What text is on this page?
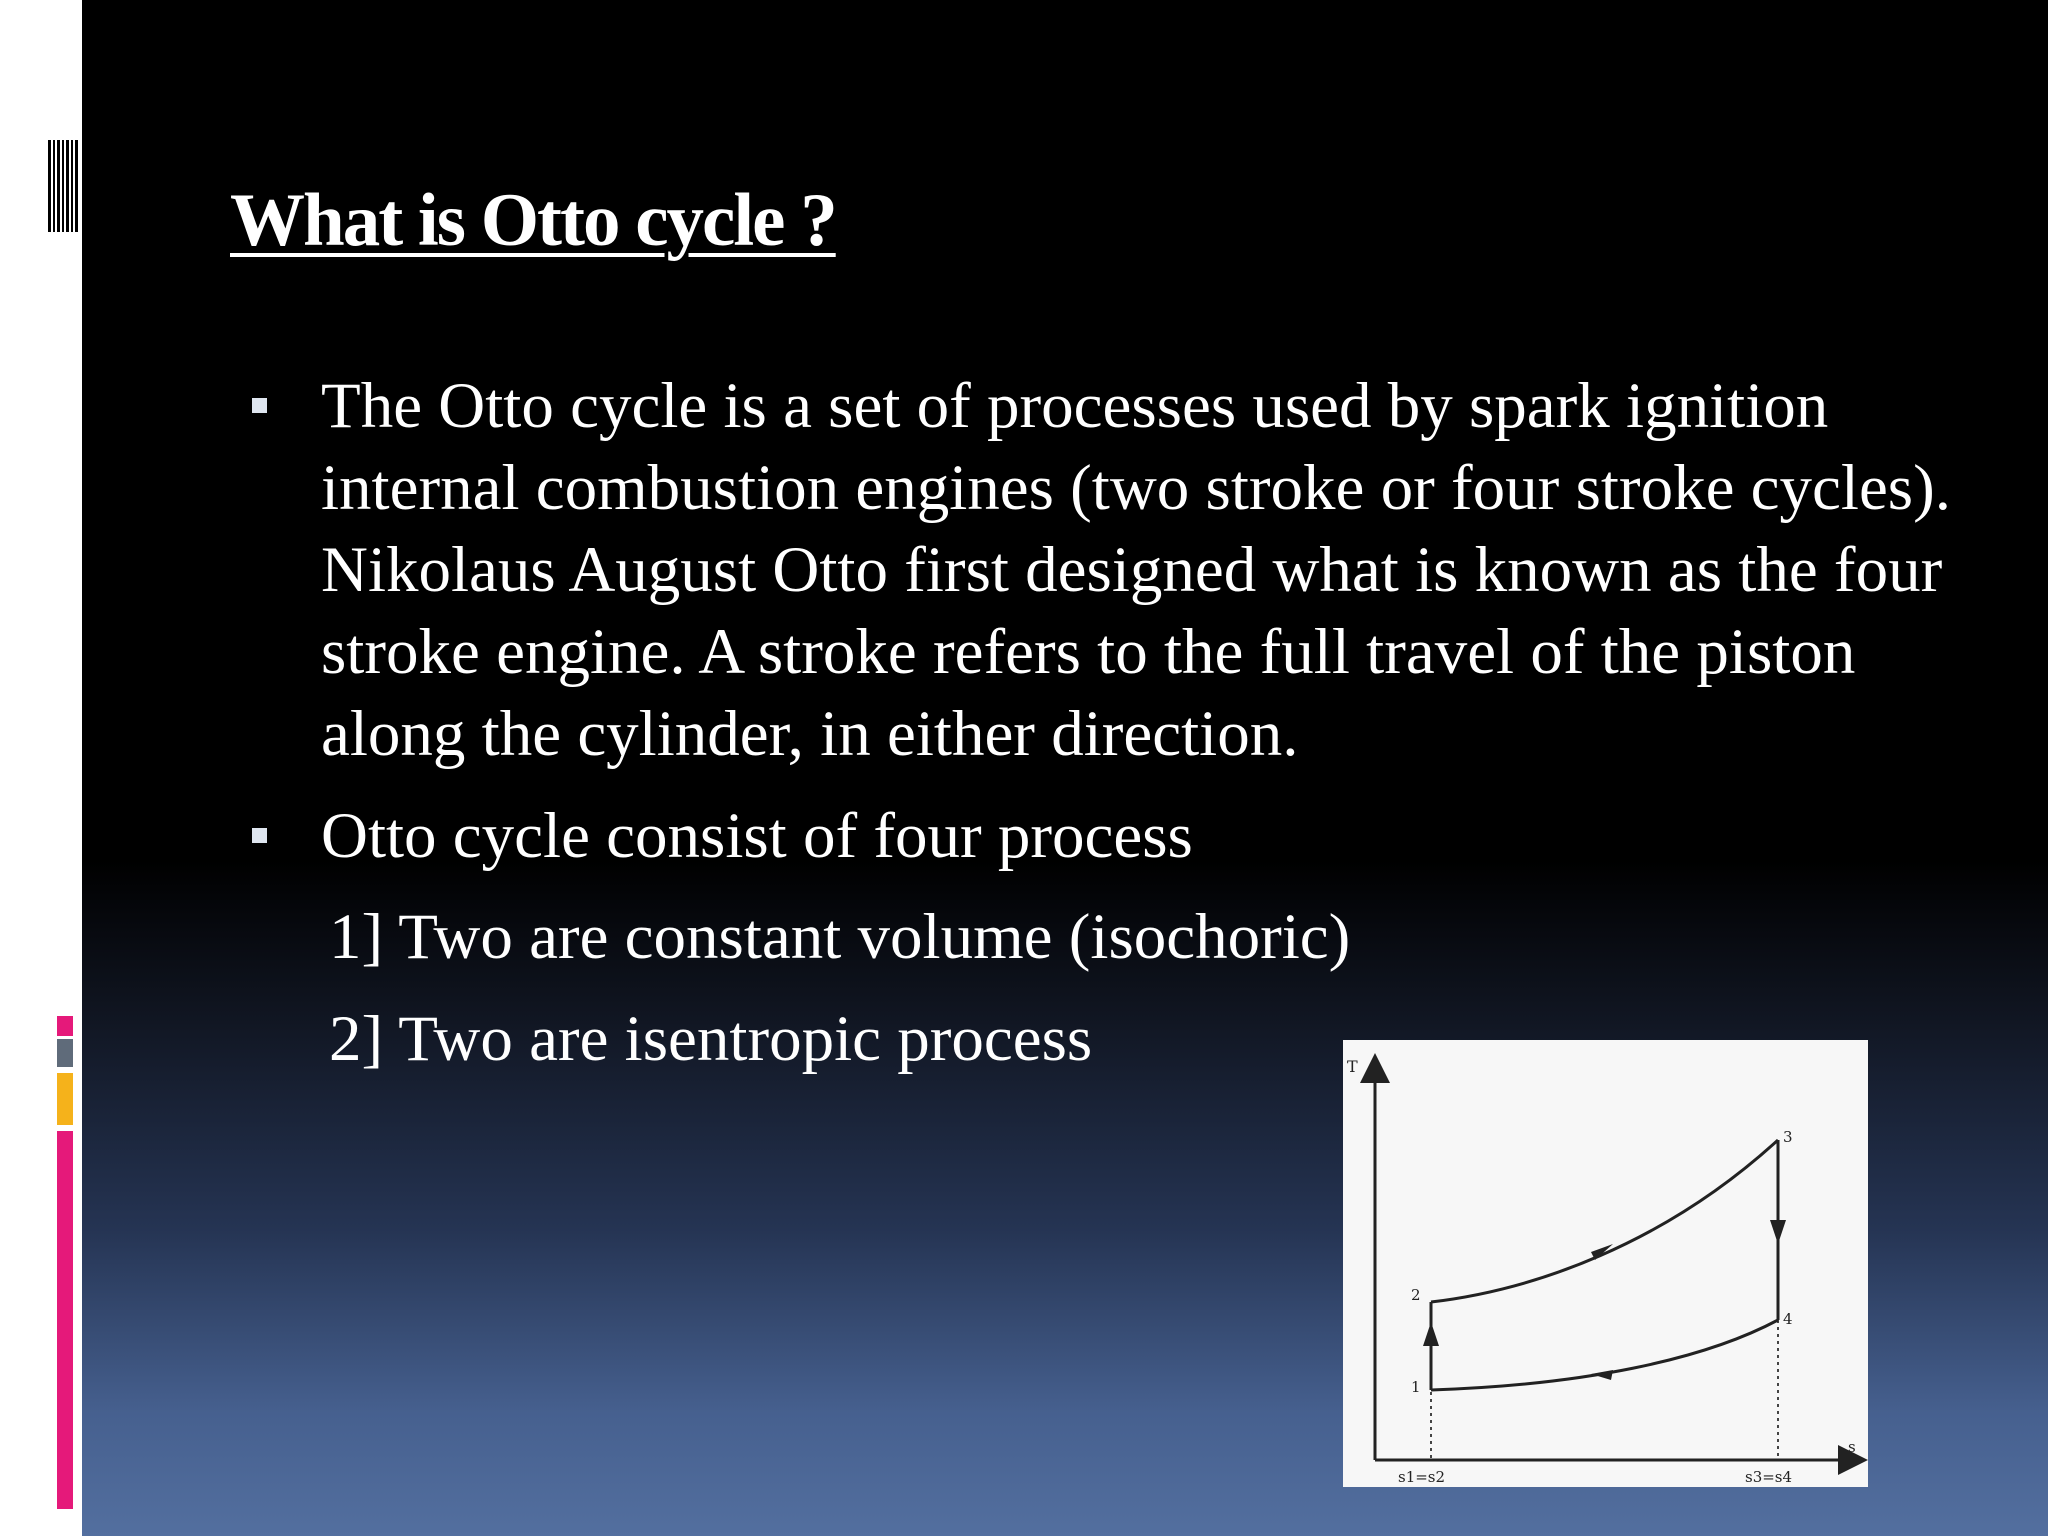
What is Otto cycle ?
The Otto cycle is a set of processes used by spark ignition internal combustion engines (two stroke or four stroke cycles). Nikolaus August Otto first designed what is known as the four stroke engine. A stroke refers to the full travel of the piston along the cylinder, in either direction.
Otto cycle consist of four process
1] Two are constant volume (isochoric)
2] Two are isentropic process	T
s
1
2
3
4
s1=s2	s3=s4
